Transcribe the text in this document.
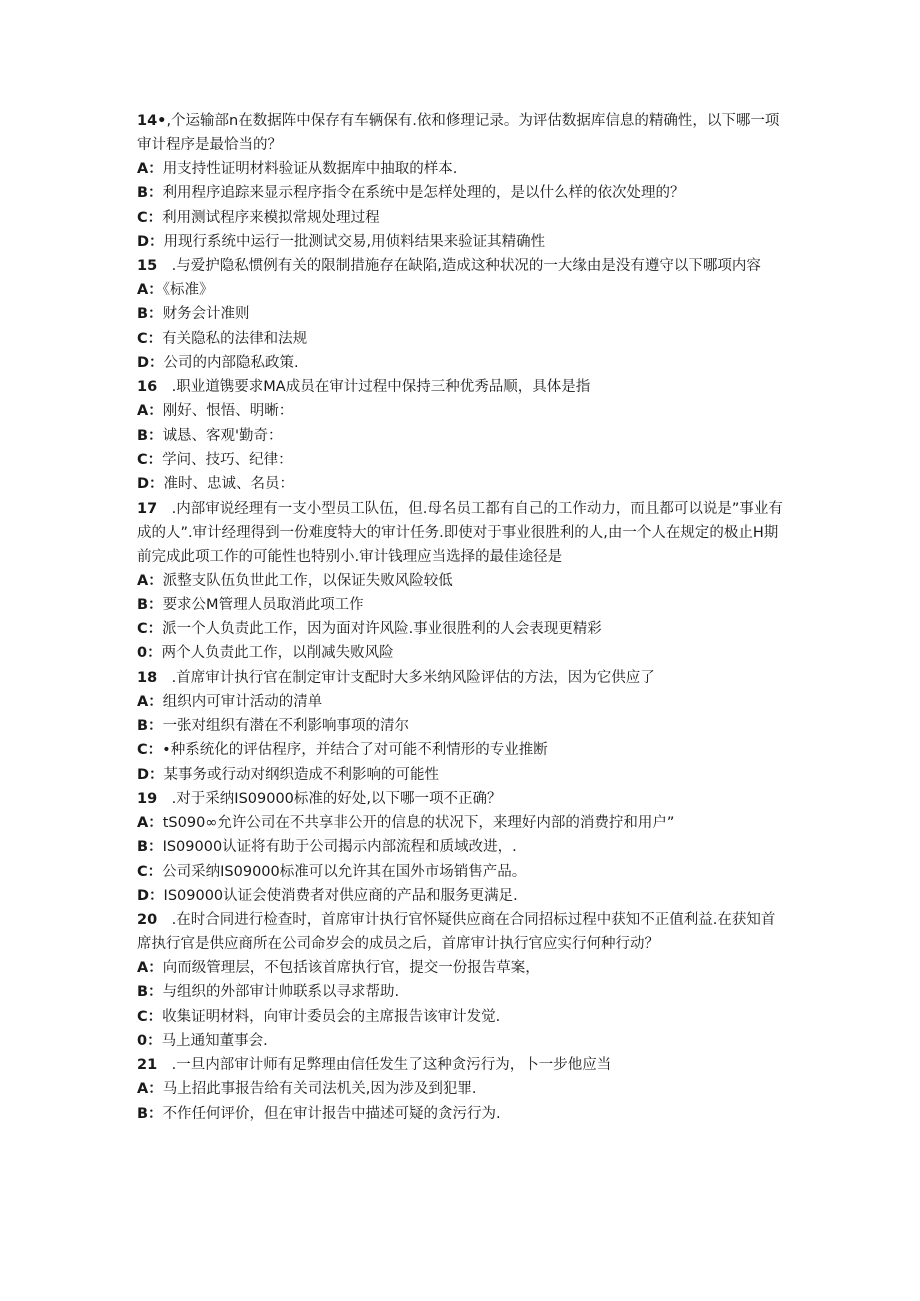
14•,个运输部n在数据阵中保存有车辆保有.依和修理记录。为评估数据库信息的精确性，以下哪一项审计程序是最恰当的？

A：用支持性证明材料验证从数据库中抽取的样本.

B：利用程序追踪来显示程序指令在系统中是怎样处理的，是以什么样的依次处理的？

C：利用测试程序来模拟常规处理过程

D：用现行系统中运行一批测试交易,用侦料结果来验证其精确性

15　.与爱护隐私惯例有关的限制措施存在缺陷,造成这种状况的一大缘由是没有遵守以下哪项内容

A：《标准》

B：财务会计准则

C：有关隐私的法律和法规

D：公司的内部隐私政策.

16　.职业道镌要求MA成员在审计过程中保持三种优秀品顺，具体是指

A：刚好、恨悟、明晰：

B：诚恳、客观'勤奇：

C：学问、技巧、纪律：

D：准时、忠诚、名员：

17　.内部审说经理有一支小型员工队伍，但.母名员工都有自己的工作动力，而且都可以说是”事业有成的人”.审计经理得到一份难度特大的审计任务.即使对于事业很胜利的人,由一个人在规定的极止H期前完成此项工作的可能性也特别小.审计钱理应当选择的最佳途径是

A：派整支队伍负世此工作，以保证失败风险较低

B：要求公M管理人员取消此项工作

C：派一个人负责此工作，因为面对许风险.事业很胜利的人会表现更精彩

0：两个人负责此工作，以削减失败风险

18　.首席审计执行官在制定审计支配时大多米纳风险评估的方法，因为它供应了

A：组织内可审计活动的清单

B：一张对组织有潜在不利影响事项的清尔

C：•种系统化的评估程序，并结合了对可能不利情形的专业推断

D：某事务或行动对纲织造成不利影响的可能性

19　.对于采纳IS09000标准的好处,以下哪一项不正确？

A：tS090∞允许公司在不共享非公开的信息的状况下，来理好内部的消费拧和用户”

B：IS09000认证将有助于公司揭示内部流程和质域改进，.

C：公司采纳IS09000标准可以允许其在国外市场销售产品。

D：IS09000认证会使消费者对供应商的产品和服务更满足.

20　.在时合同进行检查时，首席审计执行官怀疑供应商在合同招标过程中获知不正值利益.在获知首席执行官是供应商所在公司命岁会的成员之后，首席审计执行官应实行何种行动？

A：向而级管理层，不包括该首席执行官，提交一份报告草案，

B：与组织的外部审计帅联系以寻求帮助.

C：收集证明材料，向审计委员会的主席报告该审计发觉.

0：马上通知董事会.

21　.一旦内部审计师有足弊理由信任发生了这种贪污行为，卜一步他应当

A：马上招此事报告给有关司法机关,因为涉及到犯罪.

B：不作任何评价，但在审计报告中描述可疑的贪污行为.
